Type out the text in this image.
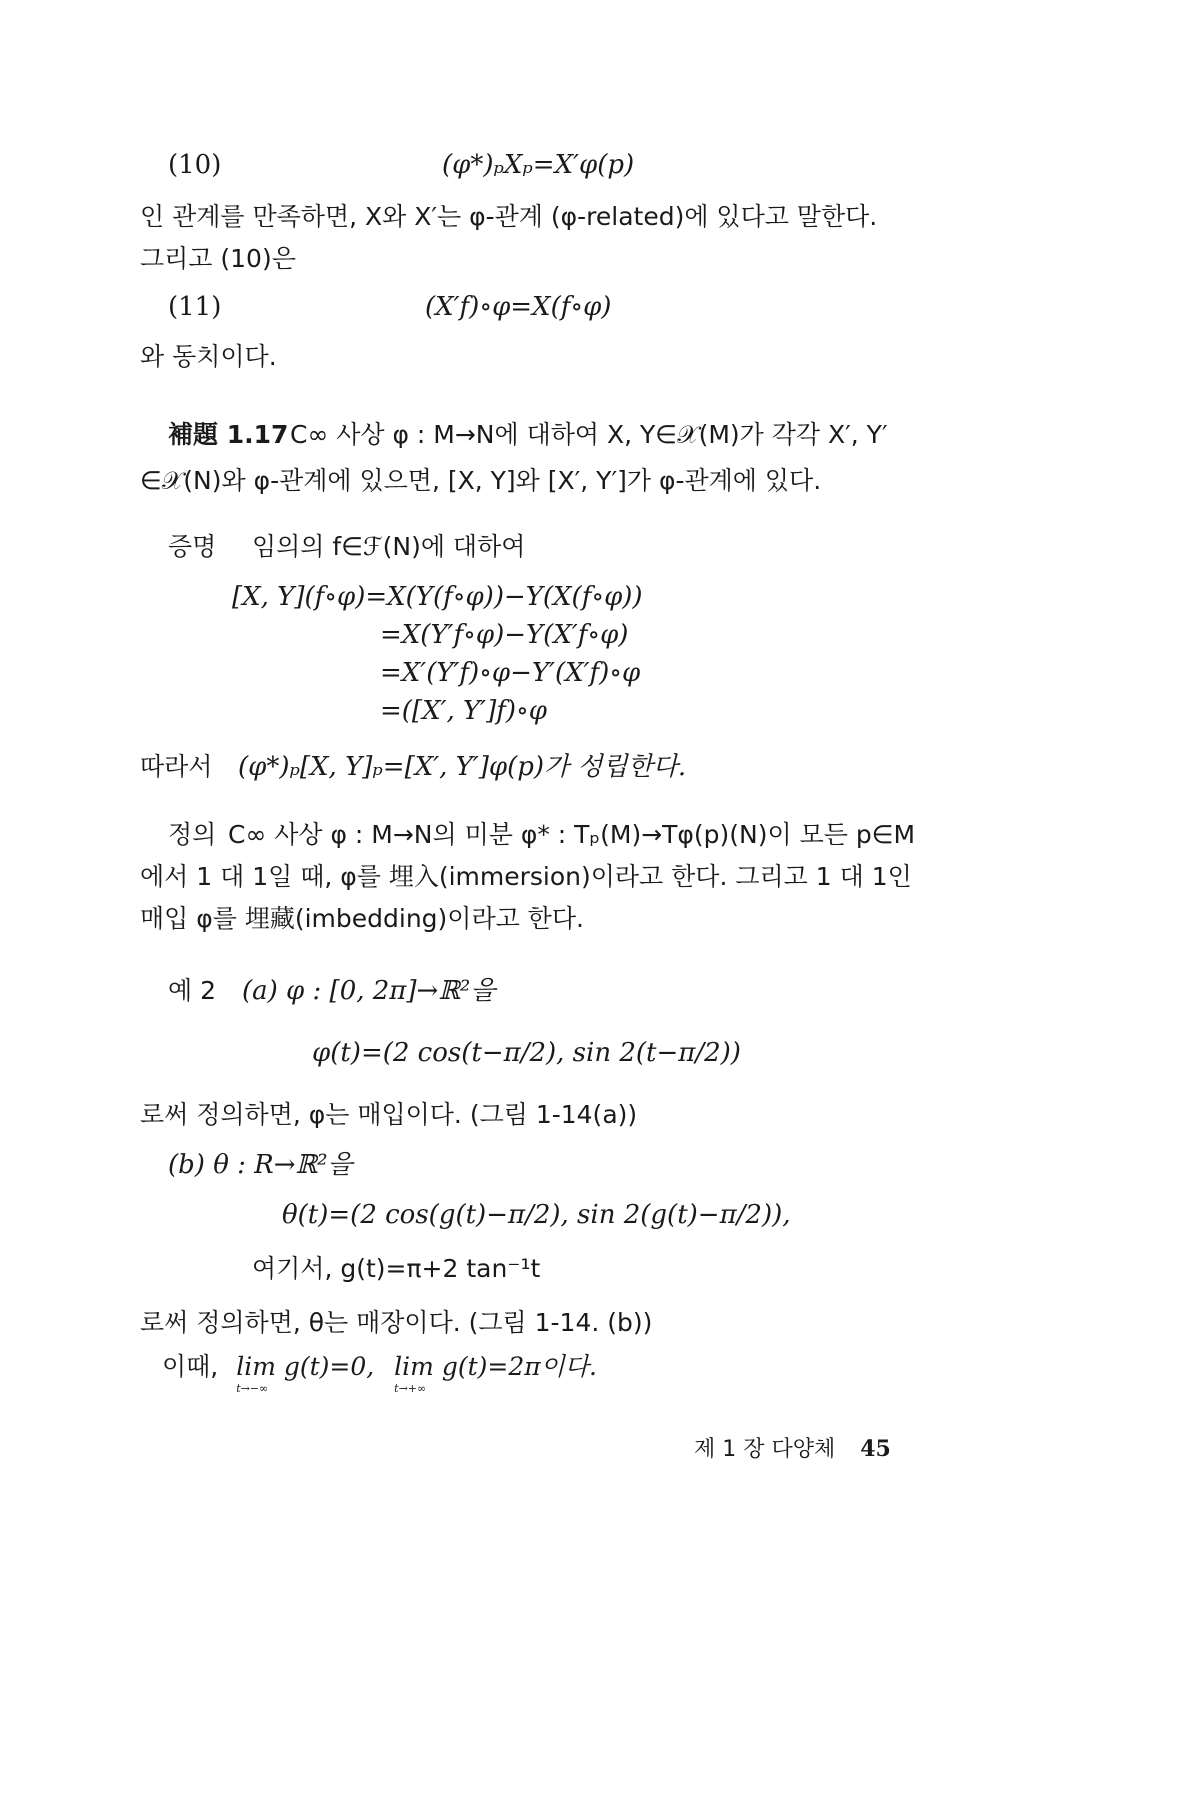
(10)	(φ*)ₚXₚ=X′φ(p)
인 관계를 만족하면, X와 X′는 φ-관계 (φ-related)에 있다고 말한다.
그리고 (10)은
(11)	(X′f)∘φ=X(f∘φ)
와 동치이다.
補題 1.17 C∞ 사상 φ : M→N에 대하여 X, Y∈𝒳(M)가 각각 X′, Y′
∈𝒳(N)와 φ-관계에 있으면, [X, Y]와 [X′, Y′]가 φ-관계에 있다.
증명 임의의 f∈ℱ(N)에 대하여
[X, Y](f∘φ)=X(Y(f∘φ))−Y(X(f∘φ))
=X(Y′f∘φ)−Y(X′f∘φ)
=X′(Y′f)∘φ−Y′(X′f)∘φ
=([X′, Y′]f)∘φ
따라서 (φ*)ₚ[X, Y]ₚ=[X′, Y′]φ(p)가 성립한다.
정의 C∞ 사상 φ : M→N의 미분 φ* : Tₚ(M)→Tφ(p)(N)이 모든 p∈M
에서 1 대 1일 때, φ를 埋入(immersion)이라고 한다. 그리고 1 대 1인
매입 φ를 埋藏(imbedding)이라고 한다.
예 2 (a) φ : [0, 2π]→ℝ²을
φ(t)=(2 cos(t−π/2), sin 2(t−π/2))
로써 정의하면, φ는 매입이다. (그림 1-14(a))
(b) θ : R→ℝ²을
θ(t)=(2 cos(g(t)−π/2), sin 2(g(t)−π/2)),
여기서, g(t)=π+2 tan⁻¹t
로써 정의하면, θ는 매장이다. (그림 1-14. (b))
이때, lim g(t)=0,
t→−∞
lim g(t)=2π이다.
t→+∞
제 1 장 다양체 45
